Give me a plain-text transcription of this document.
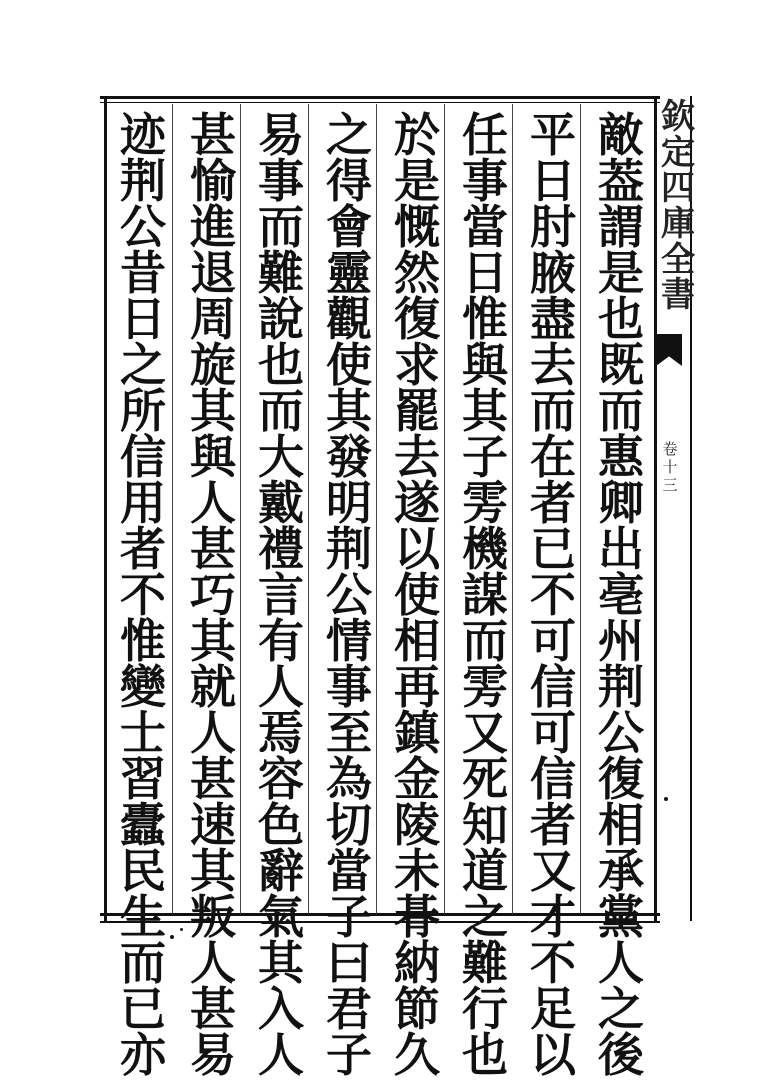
敵
葢
謂
是
也
既
而
惠
卿
出
亳
州
荆
公
復
相
承
黨
人
之
後
平
日
肘
腋
盡
去
而
在
者
已
不
可
信
可
信
者
又
才
不
足
以
任
事
當
日
惟
與
其
子
雱
機
謀
而
雱
又
死
知
道
之
難
行
也
於
是
慨
然
復
求
罷
去
遂
以
使
相
再
鎮
金
陵
未
朞
納
節
久
之
得
會
靈
觀
使
其
發
明
荆
公
情
事
至
為
切
當
子
曰
君
子
易
事
而
難
說
也
而
大
戴
禮
言
有
人
焉
容
色
辭
氣
其
入
人
甚
愉
進
退
周
旋
其
與
人
甚
巧
其
就
人
甚
速
其
叛
人
甚
易
迹
荆
公
昔
日
之
所
信
用
者
不
惟
變
士
習
蠹
民
生
而
已
亦
欽
定
四
庫
全
書
卷
十
三
